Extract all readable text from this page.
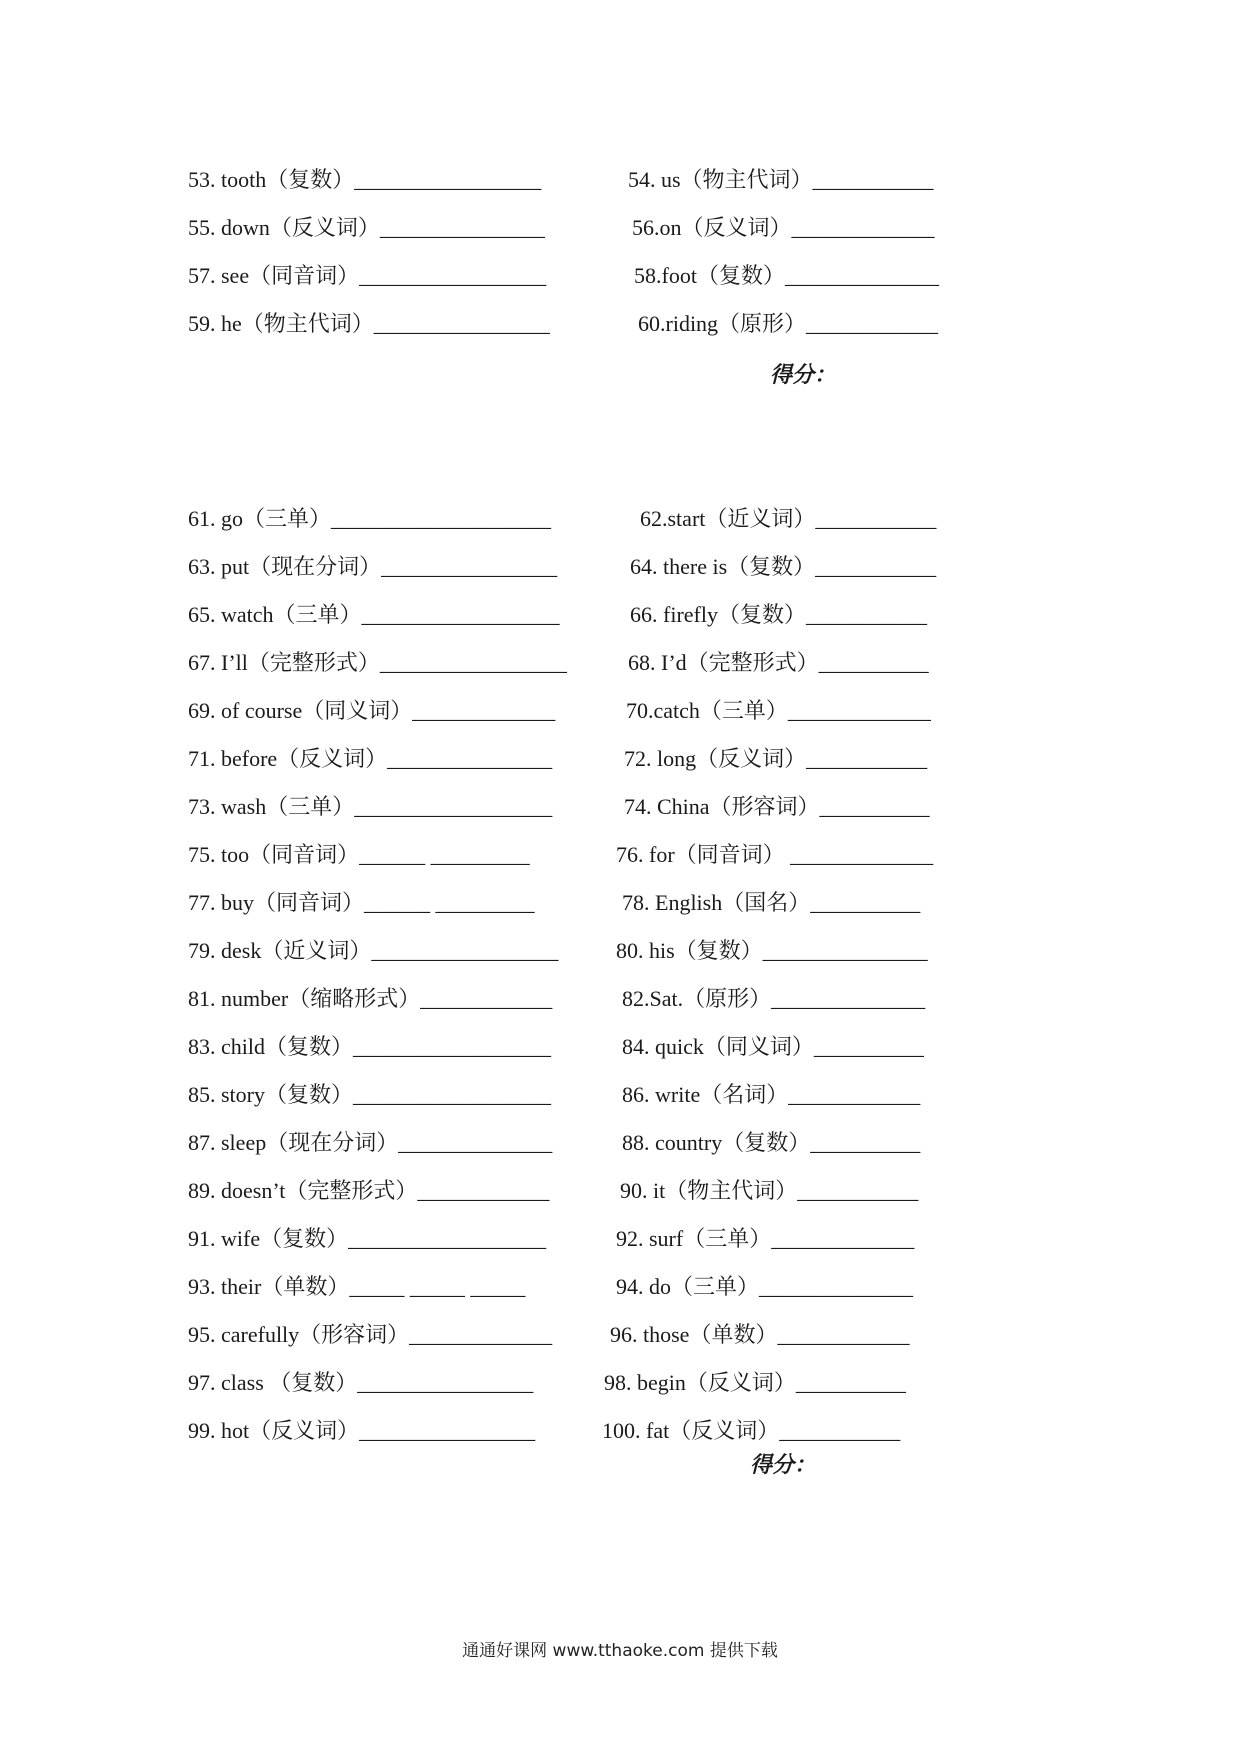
53. tooth（复数）_________________	54. us（物主代词）___________
55. down（反义词）_______________	56.on（反义词）_____________
57. see（同音词）_________________	58.foot（复数）______________
59. he（物主代词）________________	60.riding（原形）____________
得分：
61. go（三单）____________________	62.start（近义词）___________
63. put（现在分词）________________	64. there is（复数）___________
65. watch（三单）__________________	66. firefly（复数）___________
67. I’ll（完整形式）_________________	68. I’d（完整形式）__________
69. of course（同义词）_____________	70.catch（三单）_____________
71. before（反义词）_______________	72. long（反义词）___________
73. wash（三单）__________________	74. China（形容词）__________
75. too（同音词）______ _________	76. for（同音词） _____________
77. buy（同音词）______ _________	78. English（国名）__________
79. desk（近义词）_________________	80. his（复数）_______________
81. number（缩略形式）____________	82.Sat.（原形）______________
83. child（复数）__________________	84. quick（同义词）__________
85. story（复数）__________________	86. write（名词）____________
87. sleep（现在分词）______________	88. country（复数）__________
89. doesn’t（完整形式）____________	90. it（物主代词）___________
91. wife（复数）__________________	92. surf（三单）_____________
93. their（单数）_____ _____ _____	94. do（三单）______________
95. carefully（形容词）_____________	96. those（单数）____________
97. class （复数）________________	98. begin（反义词）__________
99. hot（反义词）________________	100. fat（反义词）___________
得分：
通通好课网 www.tthaoke.com 提供下载
